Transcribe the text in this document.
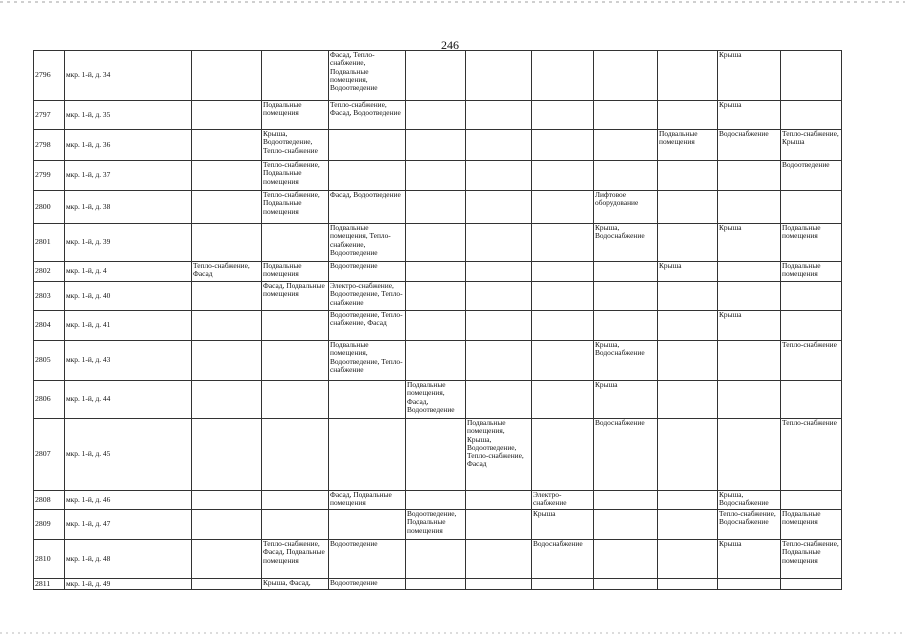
246
2796	мкр. 1-й, д. 34			Фасад, Тепло-снабжение, Подвальные помещения, Водоотведение						Крыша	
2797	мкр. 1-й, д. 35		Подвальные помещения	Тепло-снабжение, Фасад, Водоотведение						Крыша	
2798	мкр. 1-й, д. 36		Крыша, Водоотведение, Тепло-снабжение						Подвальные помещения	Водоснабжение	Тепло-снабжение, Крыша
2799	мкр. 1-й, д. 37		Тепло-снабжение, Подвальные помещения								Водоотведение
2800	мкр. 1-й, д. 38		Тепло-снабжение, Подвальные помещения	Фасад, Водоотведение				Лифтовое оборудование			
2801	мкр. 1-й, д. 39			Подвальные помещения, Тепло-снабжение, Водоотведение				Крыша, Водоснабжение		Крыша	Подвальные помещения
2802	мкр. 1-й, д. 4	Тепло-снабжение, Фасад	Подвальные помещения	Водоотведение					Крыша		Подвальные помещения
2803	мкр. 1-й, д. 40		Фасад, Подвальные помещения	Электро-снабжение, Водоотведение, Тепло-снабжение							
2804	мкр. 1-й, д. 41			Водоотведение, Тепло-снабжение, Фасад						Крыша	
2805	мкр. 1-й, д. 43			Подвальные помещения, Водоотведение, Тепло-снабжение				Крыша, Водоснабжение			Тепло-снабжение
2806	мкр. 1-й, д. 44				Подвальные помещения, Фасад, Водоотведение			Крыша			
2807	мкр. 1-й, д. 45					Подвальные помещения, Крыша, Водоотведение, Тепло-снабжение, Фасад		Водоснабжение			Тепло-снабжение
2808	мкр. 1-й, д. 46			Фасад, Подвальные помещения			Электро-снабжение			Крыша, Водоснабжение	
2809	мкр. 1-й, д. 47				Водоотведение, Подвальные помещения		Крыша			Тепло-снабжение, Водоснабжение	Подвальные помещения
2810	мкр. 1-й, д. 48		Тепло-снабжение, Фасад, Подвальные помещения	Водоотведение			Водоснабжение			Крыша	Тепло-снабжение, Подвальные помещения
2811	мкр. 1-й, д. 49		Крыша, Фасад,	Водоотведение							
